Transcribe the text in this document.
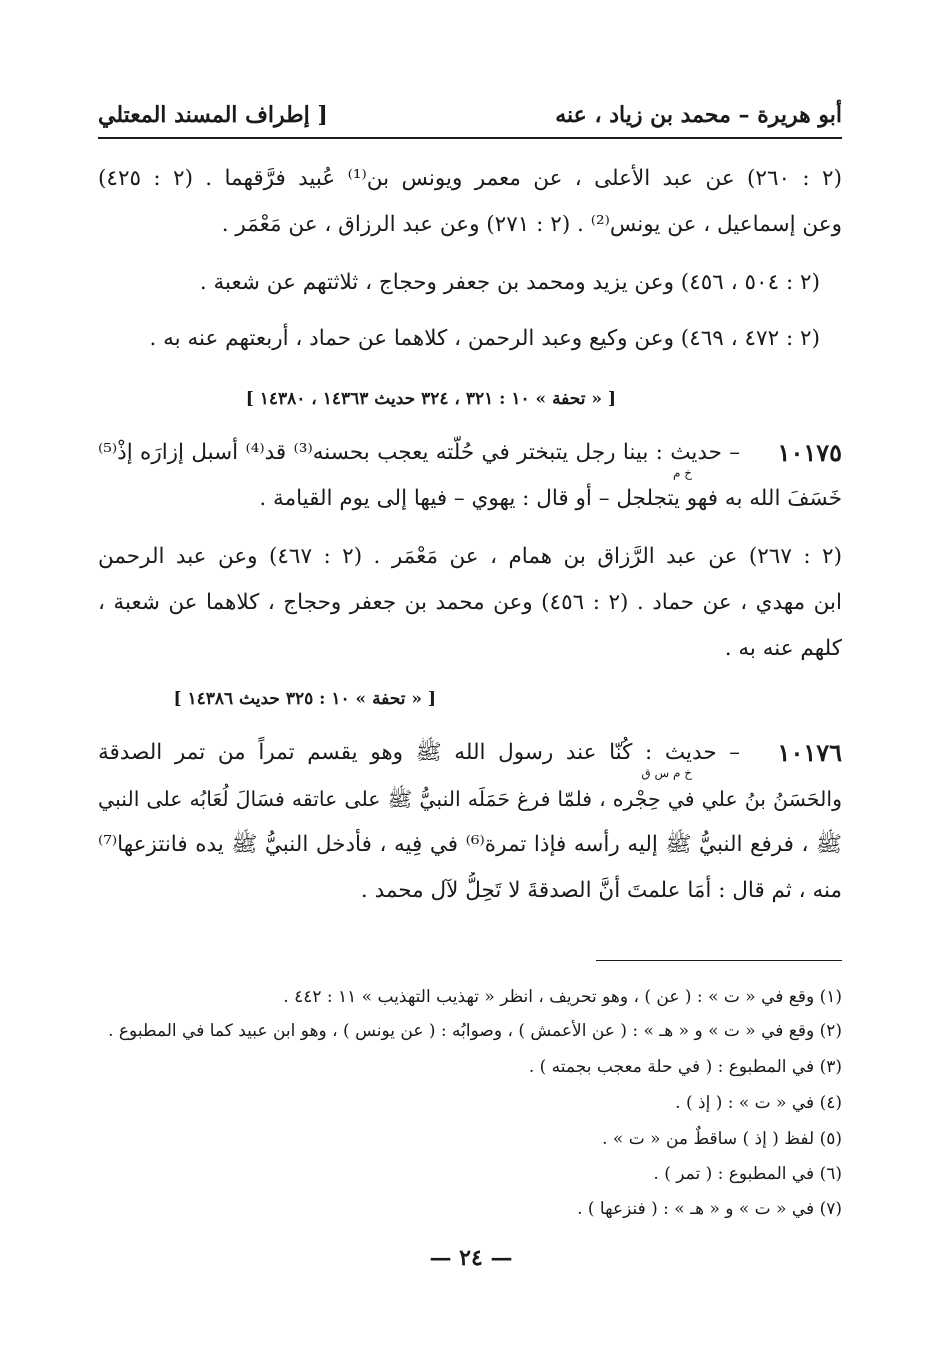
أبو هريرة – محمد بن زياد ، عنه
[ إطراف المسند المعتلي
(٢ : ٢٦٠) عن عبد الأعلى ، عن معمر ويونس بن⁽¹⁾ عُبيد فرَّقهما . (٢ : ٤٢٥)
وعن إسماعيل ، عن يونس⁽²⁾ . (٢ : ٢٧١) وعن عبد الرزاق ، عن مَعْمَر .
(٢ : ٥٠٤ ، ٤٥٦) وعن يزيد ومحمد بن جعفر وحجاج ، ثلاثتهم عن شعبة .
(٢ : ٤٧٢ ، ٤٦٩) وعن وكيع وعبد الرحمن ، كلاهما عن حماد ، أربعتهم عنه به .
[ « تحفة » ١٠ : ٣٢١ ، ٣٢٤ حديث ١٤٣٦٣ ، ١٤٣٨٠ ]
١٠١٧٥
خ م
– حديث : بينا رجل يتبختر في حُلّته يعجب بحسنه⁽³⁾ قد⁽⁴⁾ أسبل إزارَه إذْ⁽⁵⁾
خَسَفَ الله به فهو يتجلجل – أو قال : يهوي – فيها إلى يوم القيامة .
(٢ : ٢٦٧) عن عبد الرَّزاق بن همام ، عن مَعْمَر . (٢ : ٤٦٧) وعن عبد الرحمن
ابن مهدي ، عن حماد . (٢ : ٤٥٦) وعن محمد بن جعفر وحجاج ، كلاهما عن شعبة ،
كلهم عنه به .
[ « تحفة » ١٠ : ٣٢٥ حديث ١٤٣٨٦ ]
١٠١٧٦
خ م س ق
– حديث : كُنّا عند رسول الله ﷺ وهو يقسم تمراً من تمر الصدقة
والحَسَنُ بنُ علي في حِجْره ، فلمّا فرغ حَمَلَه النبيُّ ﷺ على عاتقه فسَالَ لُعَابُه على النبي
ﷺ ، فرفع النبيُّ ﷺ إليه رأسه فإذا تمرة⁽⁶⁾ في فِيه ، فأدخل النبيُّ ﷺ يده فانتزعها⁽⁷⁾
منه ، ثم قال : أمَا علمتَ أنَّ الصدقةَ لا تَحِلُّ لآل محمد .
(١) وقع في « ت » : ( عن ) ، وهو تحريف ، انظر « تهذيب التهذيب » ١١ : ٤٤٢ .
(٢) وقع في « ت » و « هـ » : ( عن الأعمش ) ، وصوابُه : ( عن يونس ) ، وهو ابن عبيد كما في المطبوع .
(٣) في المطبوع : ( في حلة معجب بجمته ) .
(٤) في « ت » : ( إذ ) .
(٥) لفظ ( إذ ) ساقطٌ من « ت » .
(٦) في المطبوع : ( تمر ) .
(٧) في « ت » و « هـ » : ( فنزعها ) .
— ٢٤ —
